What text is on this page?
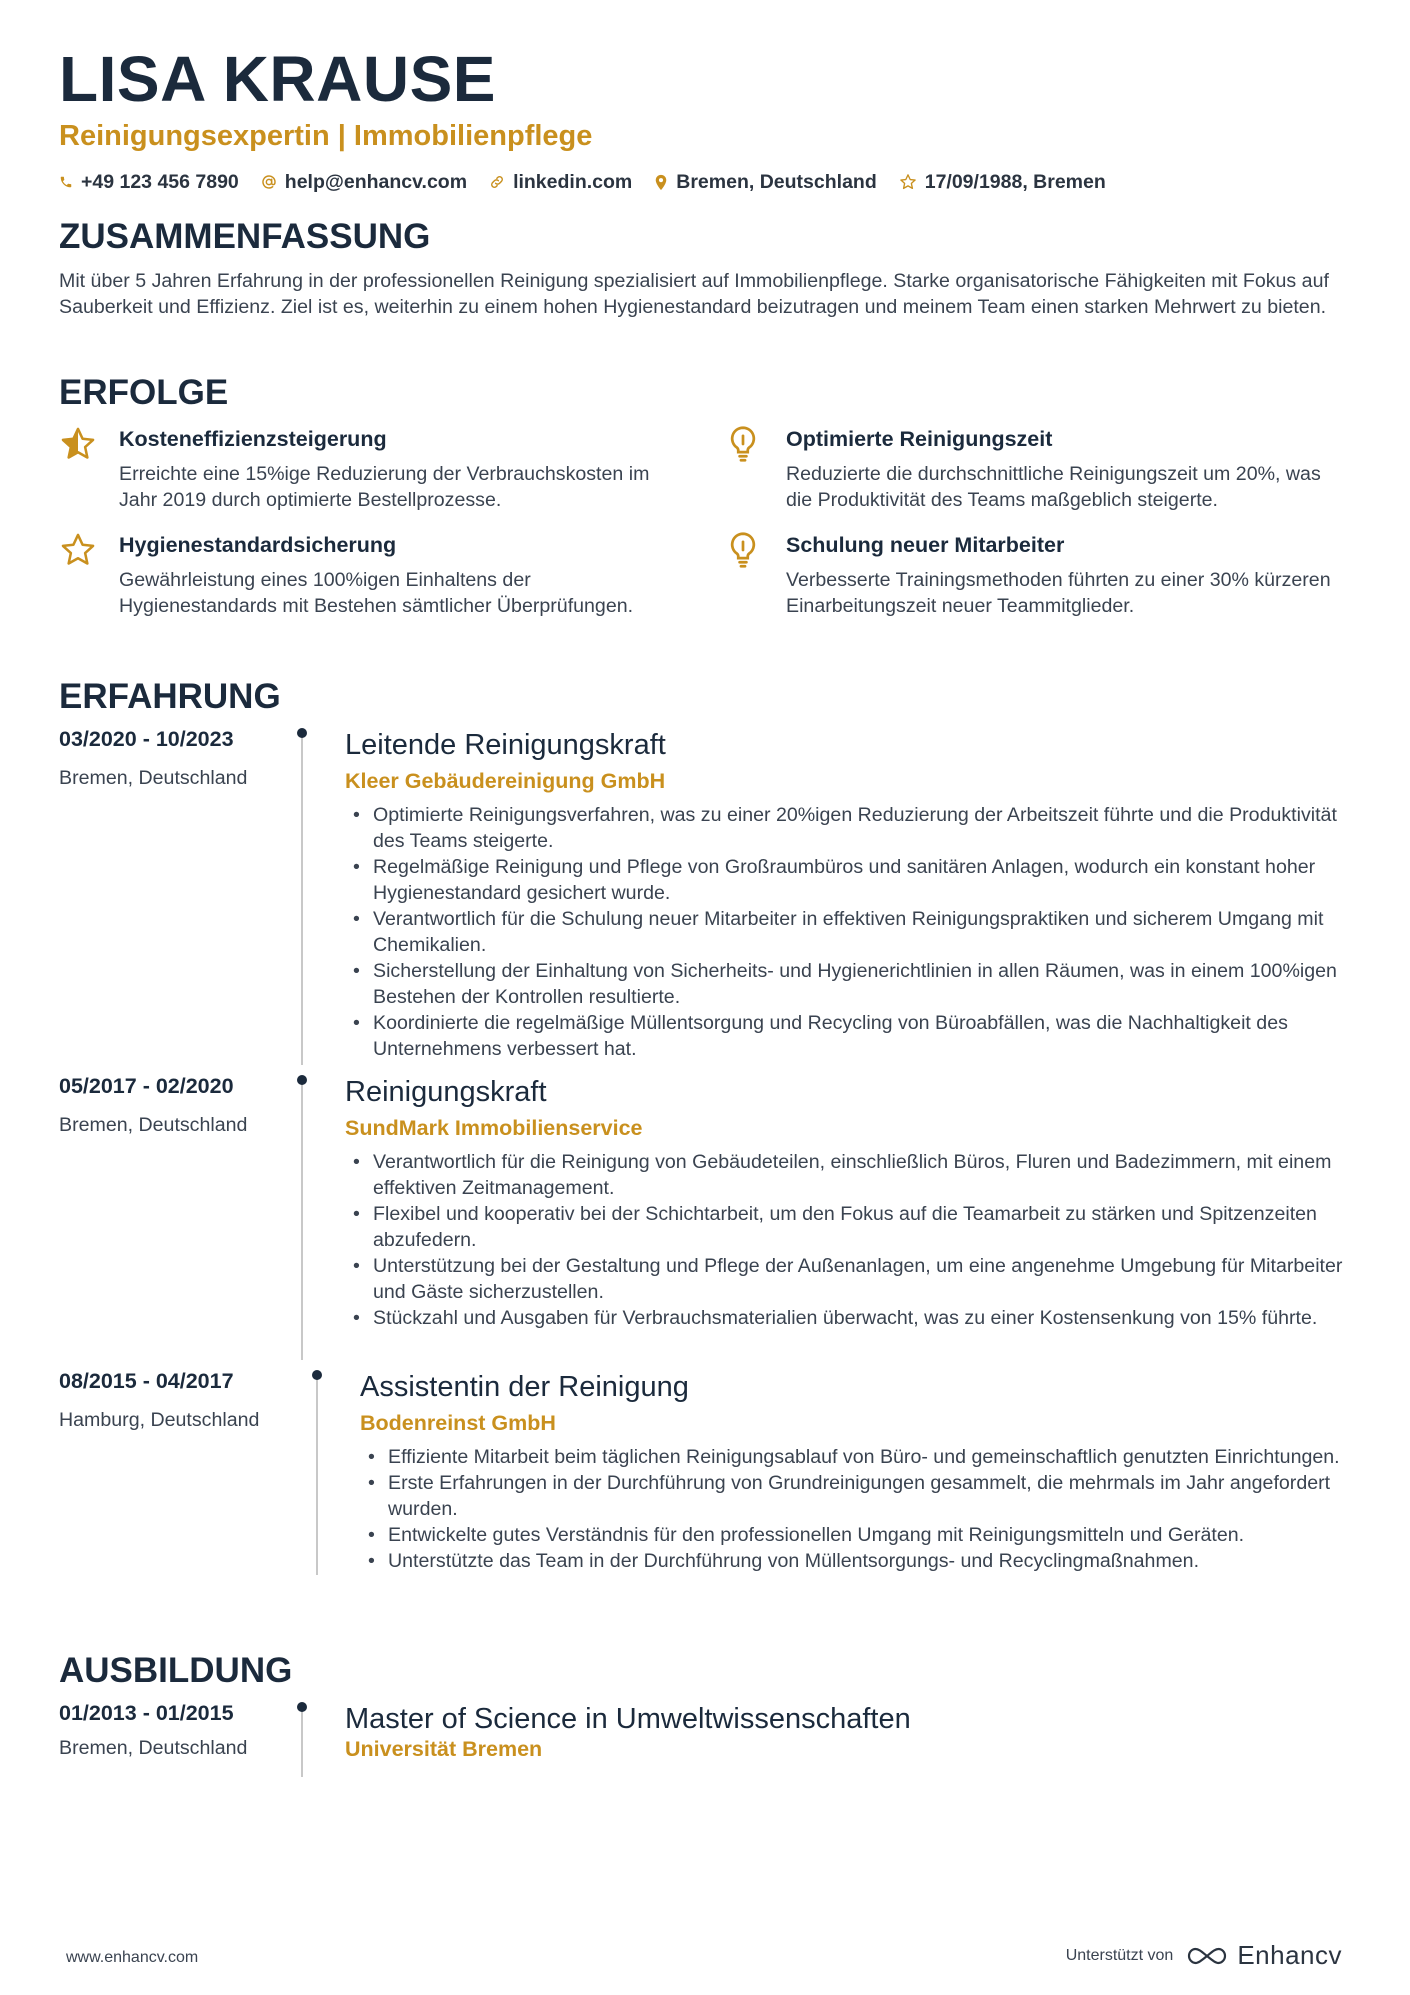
LISA KRAUSE
Reinigungsexpertin | Immobilienpflege
+49 123 456 7890 help@enhancv.com linkedin.com Bremen, Deutschland 17/09/1988, Bremen
ZUSAMMENFASSUNG
Mit über 5 Jahren Erfahrung in der professionellen Reinigung spezialisiert auf Immobilienpflege. Starke organisatorische Fähigkeiten mit Fokus auf Sauberkeit und Effizienz. Ziel ist es, weiterhin zu einem hohen Hygienestandard beizutragen und meinem Team einen starken Mehrwert zu bieten.
ERFOLGE
Kosteneffizienzsteigerung
Erreichte eine 15%ige Reduzierung der Verbrauchskosten im Jahr 2019 durch optimierte Bestellprozesse.
Optimierte Reinigungszeit
Reduzierte die durchschnittliche Reinigungszeit um 20%, was die Produktivität des Teams maßgeblich steigerte.
Hygienestandardsicherung
Gewährleistung eines 100%igen Einhaltens der Hygienestandards mit Bestehen sämtlicher Überprüfungen.
Schulung neuer Mitarbeiter
Verbesserte Trainingsmethoden führten zu einer 30% kürzeren Einarbeitungszeit neuer Teammitglieder.
ERFAHRUNG
03/2020 - 10/2023
Bremen, Deutschland
Leitende Reinigungskraft
Kleer Gebäudereinigung GmbH
• Optimierte Reinigungsverfahren, was zu einer 20%igen Reduzierung der Arbeitszeit führte und die Produktivität des Teams steigerte.
• Regelmäßige Reinigung und Pflege von Großraumbüros und sanitären Anlagen, wodurch ein konstant hoher Hygienestandard gesichert wurde.
• Verantwortlich für die Schulung neuer Mitarbeiter in effektiven Reinigungspraktiken und sicherem Umgang mit Chemikalien.
• Sicherstellung der Einhaltung von Sicherheits- und Hygienerichtlinien in allen Räumen, was in einem 100%igen Bestehen der Kontrollen resultierte.
• Koordinierte die regelmäßige Müllentsorgung und Recycling von Büroabfällen, was die Nachhaltigkeit des Unternehmens verbessert hat.
05/2017 - 02/2020
Bremen, Deutschland
Reinigungskraft
SundMark Immobilienservice
• Verantwortlich für die Reinigung von Gebäudeteilen, einschließlich Büros, Fluren und Badezimmern, mit einem effektiven Zeitmanagement.
• Flexibel und kooperativ bei der Schichtarbeit, um den Fokus auf die Teamarbeit zu stärken und Spitzenzeiten abzufedern.
• Unterstützung bei der Gestaltung und Pflege der Außenanlagen, um eine angenehme Umgebung für Mitarbeiter und Gäste sicherzustellen.
• Stückzahl und Ausgaben für Verbrauchsmaterialien überwacht, was zu einer Kostensenkung von 15% führte.
08/2015 - 04/2017
Hamburg, Deutschland
Assistentin der Reinigung
Bodenreinst GmbH
• Effiziente Mitarbeit beim täglichen Reinigungsablauf von Büro- und gemeinschaftlich genutzten Einrichtungen.
• Erste Erfahrungen in der Durchführung von Grundreinigungen gesammelt, die mehrmals im Jahr angefordert wurden.
• Entwickelte gutes Verständnis für den professionellen Umgang mit Reinigungsmitteln und Geräten.
• Unterstützte das Team in der Durchführung von Müllentsorgungs- und Recyclingmaßnahmen.
AUSBILDUNG
01/2013 - 01/2015
Bremen, Deutschland
Master of Science in Umweltwissenschaften
Universität Bremen
www.enhancv.com	Unterstützt von Enhancv
